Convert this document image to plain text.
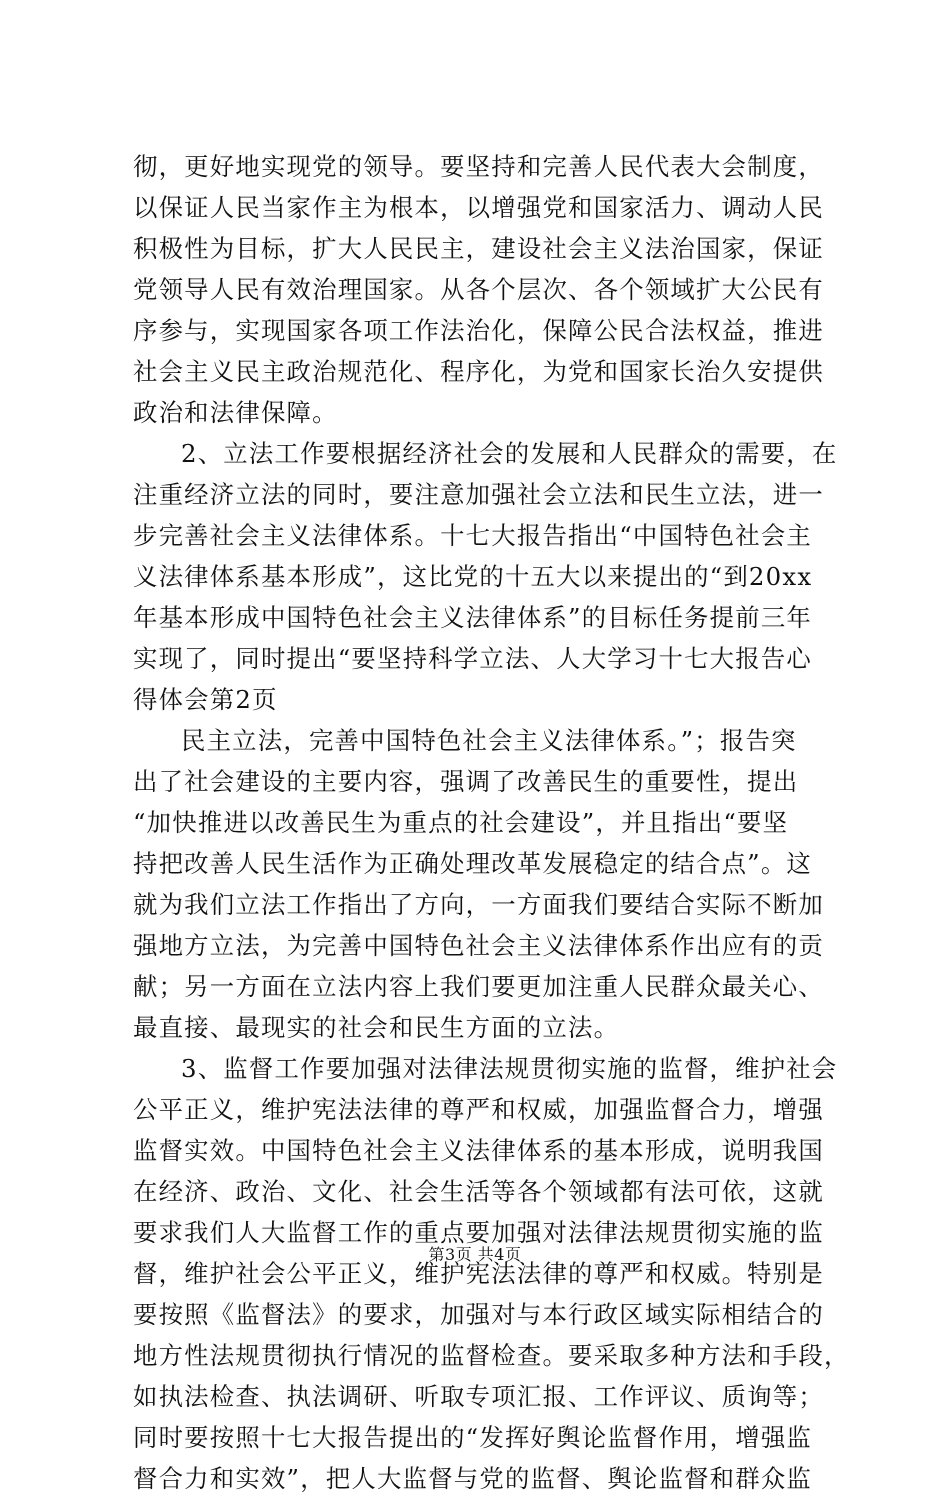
彻，更好地实现党的领导。要坚持和完善人民代表大会制度，
以保证人民当家作主为根本，以增强党和国家活力、调动人民
积极性为目标，扩大人民民主，建设社会主义法治国家，保证
党领导人民有效治理国家。从各个层次、各个领域扩大公民有
序参与，实现国家各项工作法治化，保障公民合法权益，推进
社会主义民主政治规范化、程序化，为党和国家长治久安提供
政治和法律保障。
2、立法工作要根据经济社会的发展和人民群众的需要，在
注重经济立法的同时，要注意加强社会立法和民生立法，进一
步完善社会主义法律体系。十七大报告指出“中国特色社会主
义法律体系基本形成”，这比党的十五大以来提出的“到20xx
年基本形成中国特色社会主义法律体系”的目标任务提前三年
实现了，同时提出“要坚持科学立法、人大学习十七大报告心
得体会第2页
民主立法，完善中国特色社会主义法律体系。”；报告突
出了社会建设的主要内容，强调了改善民生的重要性，提出
“加快推进以改善民生为重点的社会建设”，并且指出“要坚
持把改善人民生活作为正确处理改革发展稳定的结合点”。这
就为我们立法工作指出了方向，一方面我们要结合实际不断加
强地方立法，为完善中国特色社会主义法律体系作出应有的贡
献；另一方面在立法内容上我们要更加注重人民群众最关心、
最直接、最现实的社会和民生方面的立法。
3、监督工作要加强对法律法规贯彻实施的监督，维护社会
公平正义，维护宪法法律的尊严和权威，加强监督合力，增强
监督实效。中国特色社会主义法律体系的基本形成，说明我国
在经济、政治、文化、社会生活等各个领域都有法可依，这就
要求我们人大监督工作的重点要加强对法律法规贯彻实施的监
督，维护社会公平正义，维护宪法法律的尊严和权威。特别是
要按照《监督法》的要求，加强对与本行政区域实际相结合的
地方性法规贯彻执行情况的监督检查。要采取多种方法和手段，
如执法检查、执法调研、听取专项汇报、工作评议、质询等；
同时要按照十七大报告提出的“发挥好舆论监督作用，增强监
督合力和实效”，把人大监督与党的监督、舆论监督和群众监
第3页 共4页
